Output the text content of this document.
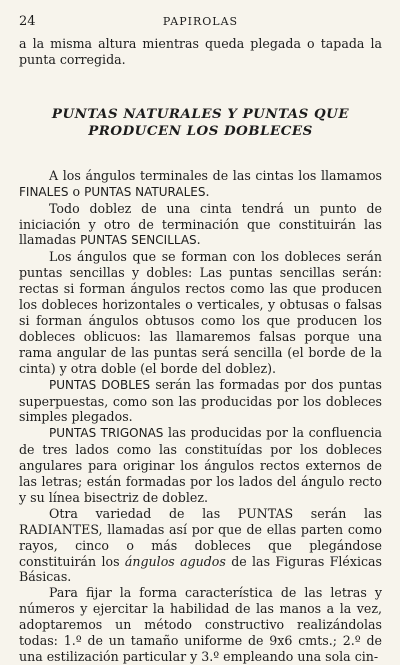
24	PAPIROLAS

a la misma altura mientras queda plegada o tapada la punta corregida.

PUNTAS NATURALES Y PUNTAS QUE
PRODUCEN LOS DOBLECES

A los ángulos terminales de las cintas los llamamos FINALES o PUNTAS NATURALES.

Todo doblez de una cinta tendrá un punto de iniciación y otro de terminación que constituirán las llamadas PUNTAS SENCILLAS.

Los ángulos que se forman con los dobleces serán puntas sencillas y dobles: Las puntas sencillas serán: rectas si forman ángulos rectos como las que producen los dobleces horizontales o verticales, y obtusas o falsas si forman ángulos obtusos como los que producen los dobleces oblicuos: las llamaremos falsas porque una rama angular de las puntas será sencilla (el borde de la cinta) y otra doble (el borde del doblez).

PUNTAS DOBLES serán las formadas por dos puntas superpuestas, como son las producidas por los dobleces simples plegados.

PUNTAS TRIGONAS las producidas por la confluencia de tres lados como las constituídas por los dobleces angulares para originar los ángulos rectos externos de las letras; están formadas por los lados del ángulo recto y su línea bisectriz de doblez.

Otra variedad de las PUNTAS serán las RADIANTES, llamadas así por que de ellas parten como rayos, cinco o más dobleces que plegándose constituirán los ángulos agudos de las Figuras Fléxicas Básicas.

Para fijar la forma característica de las letras y números y ejercitar la habilidad de las manos a la vez, adoptaremos un método constructivo realizándolas todas: 1.º de un tamaño uniforme de 9x6 cmts.; 2.º de una estilización particular y 3.º empleando una sola cin-
